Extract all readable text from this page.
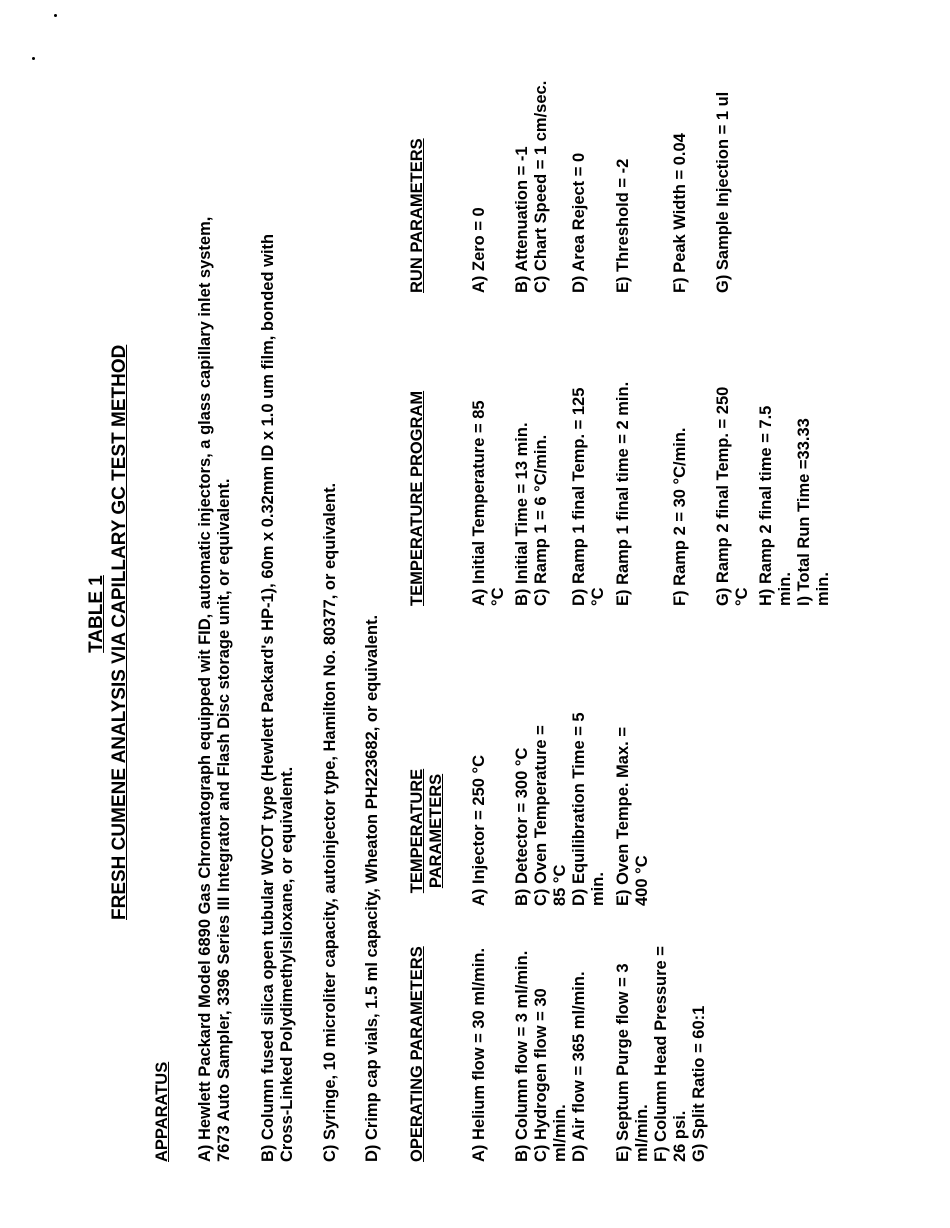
TABLE 1 FRESH CUMENE ANALYSIS VIA CAPILLARY GC TEST METHOD
APPARATUS A) Hewlett Packard Model 6890 Gas Chromatograph equipped wit FID, automatic injectors, a glass capillary inlet system, 7673 Auto Sampler, 3396 Series III Integrator and Flash Disc storage unit, or equivalent. B) Column fused silica open tubular WCOT type (Hewlett Packard's HP-1), 60m x 0.32mm ID x 1.0 um film, bonded with Cross-Linked Polydimethylsiloxane, or equivalent. C) Syringe, 10 microliter capacity, autoinjector type, Hamilton No. 80377, or equivalent. D) Crimp cap vials, 1.5 ml capacity, Wheaton PH223682, or equivalent. OPERATING PARAMETERS
TEMPERATURE PARAMETERS
TEMPERATURE PROGRAM
RUN PARAMETERS
A) Helium flow = 30 ml/min. B) Column flow = 3 ml/min. C) Hydrogen flow = 30 ml/min. D) Air flow = 365 ml/min. E) Septum Purge flow = 3 ml/min. F) Column Head Pressure = 26 psi. G) Split Ratio = 60:1
A) Injector = 250 °C B) Detector = 300 °C C) Oven Temperature = 85 °C D) Equilibration Time = 5 min. E) Oven Tempe. Max. = 400 °C
A) Initial Temperature = 85 °C B) Initial Time = 13 min. C) Ramp 1 = 6 °C/min. D) Ramp 1 final Temp. = 125 °C E) Ramp 1 final time = 2 min. F) Ramp 2 = 30 °C/min. G) Ramp 2 final Temp. = 250 °C H) Ramp 2 final time = 7.5 min. I) Total Run Time =33.33 min.
A) Zero = 0 B) Attenuation = -1 C) Chart Speed = 1 cm/sec. D) Area Reject = 0 E) Threshold = -2 F) Peak Width = 0.04 G) Sample Injection = 1 ul
